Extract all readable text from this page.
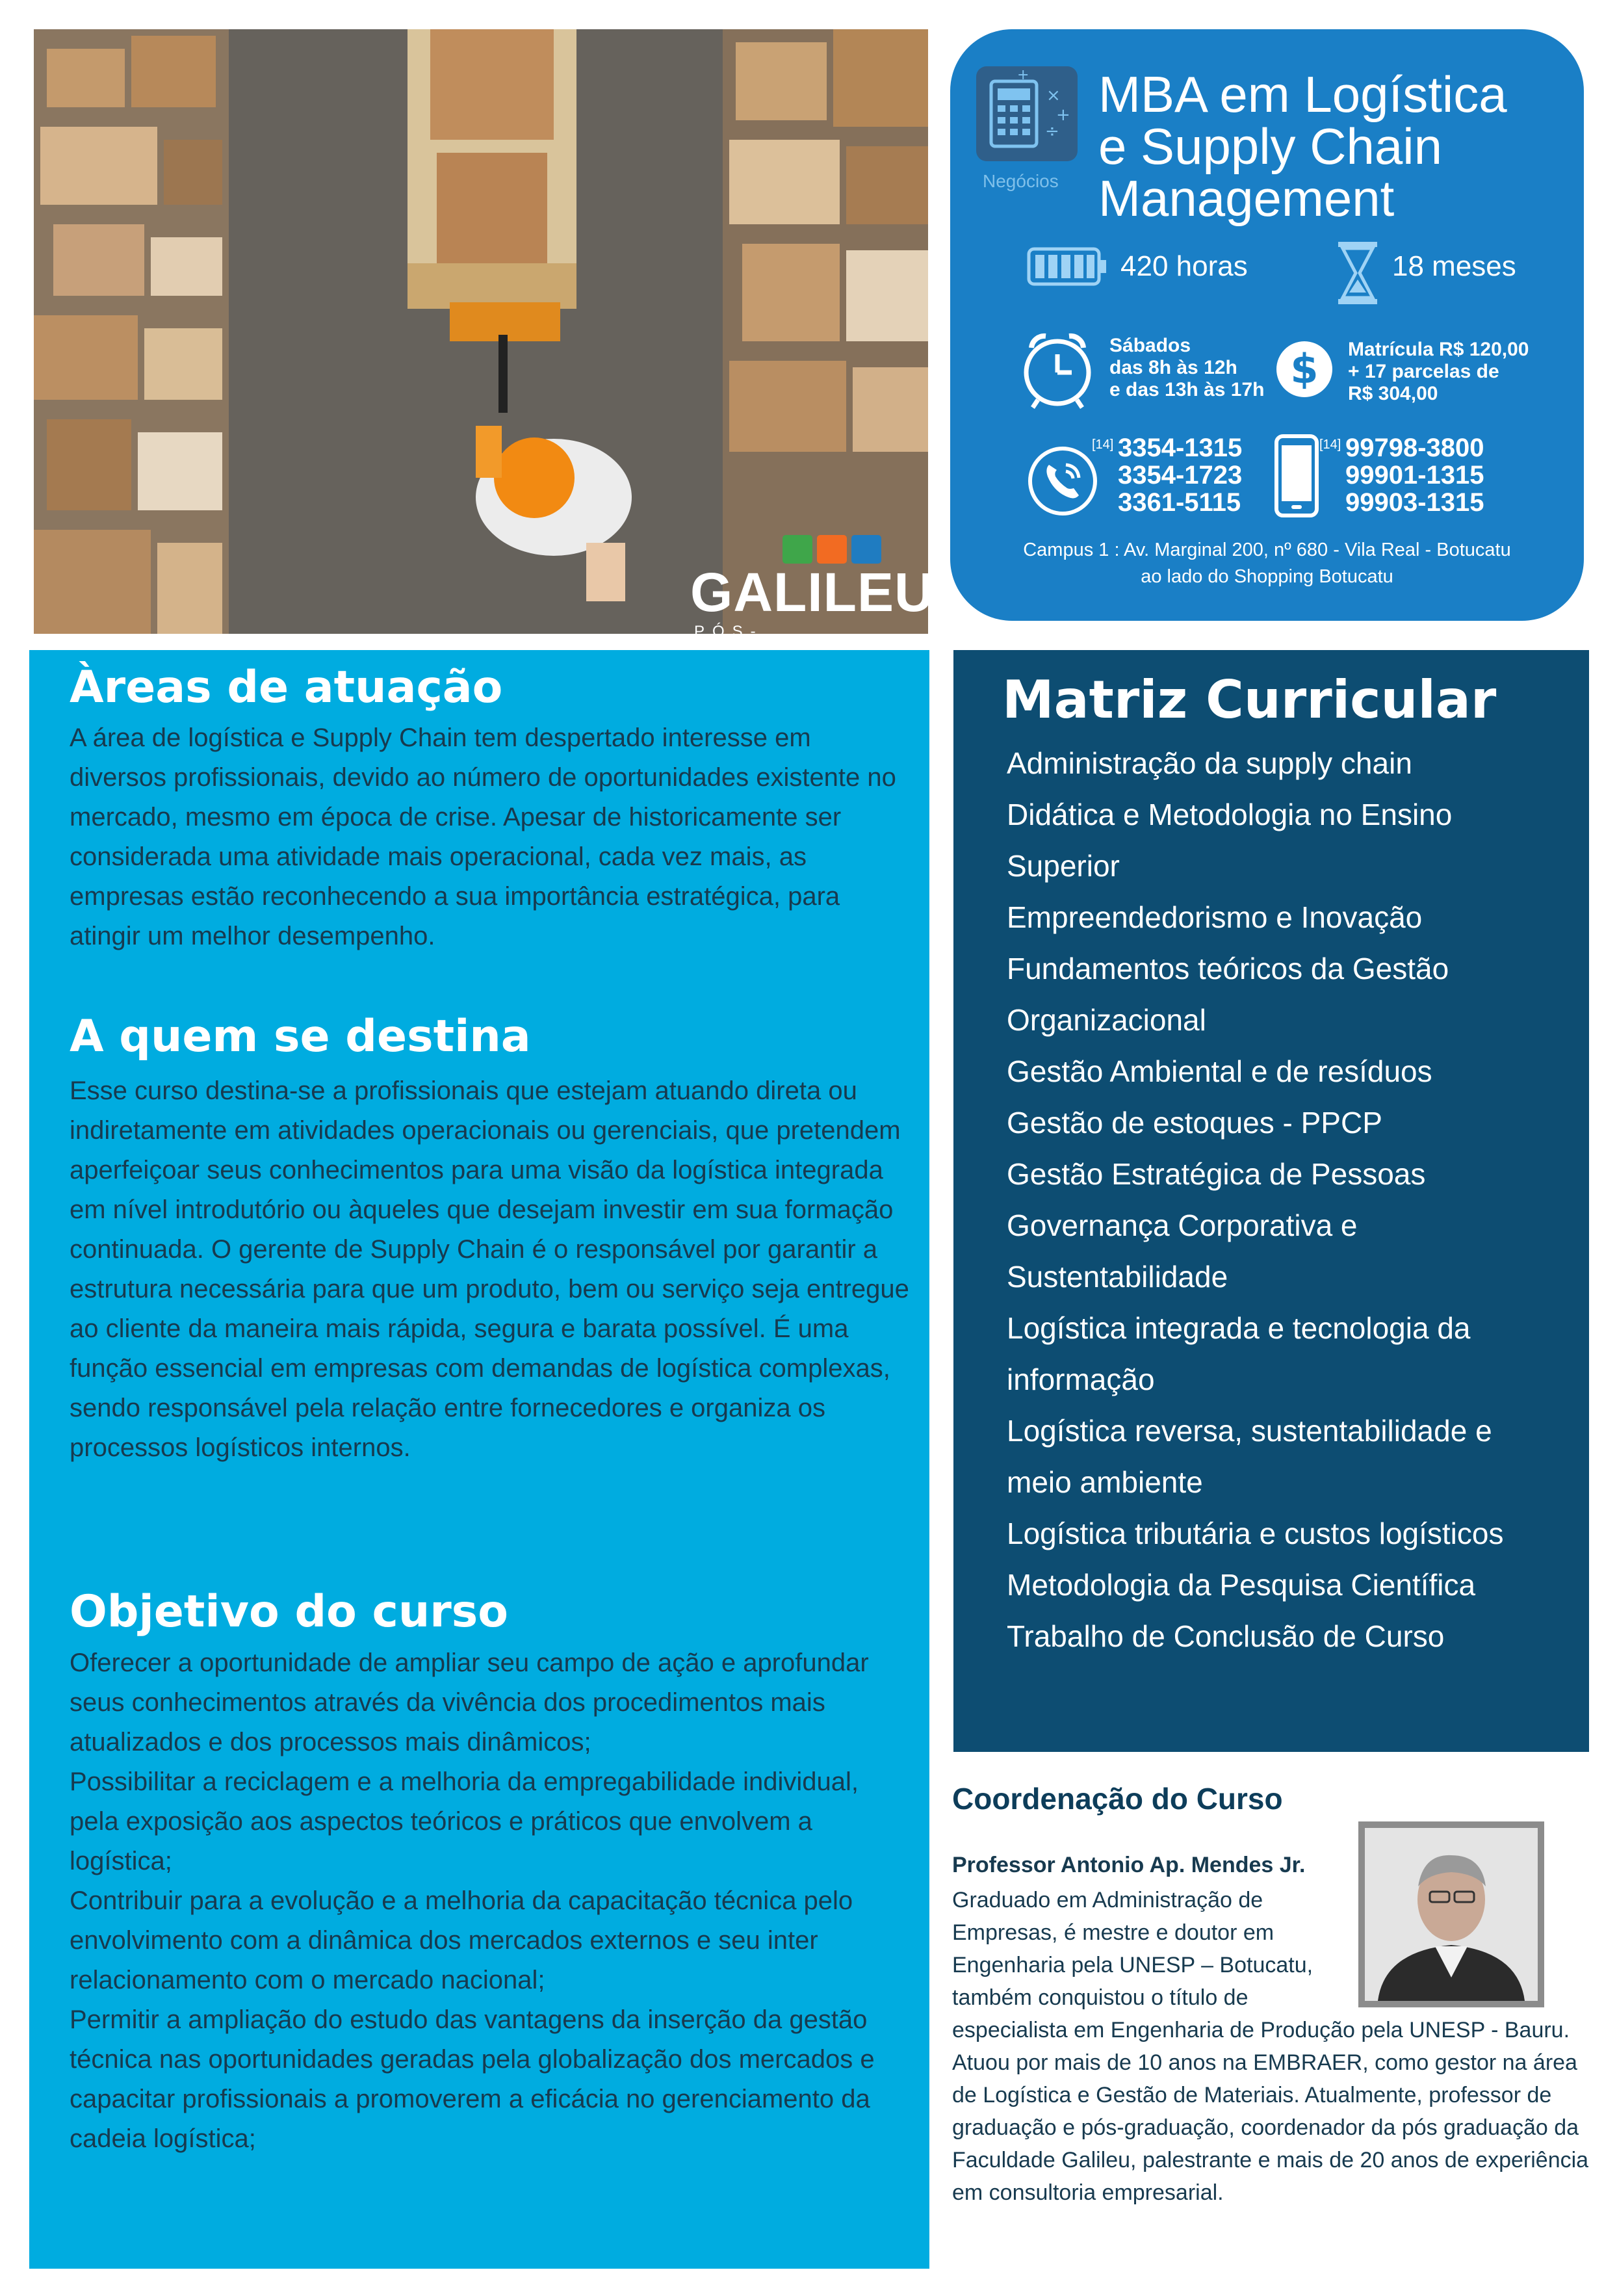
GALILEU
PÓS-
×
+
÷
+
Negócios
MBA em Logística
e Supply Chain
Management
420 horas	18 meses
Sábados
das 8h às 12h
e das 13h às 17h $ Matrícula R$ 120,00
+ 17 parcelas de
R$ 304,00
[14] 3354-1315
3354-1723
3361-5115
[14] 99798-3800
99901-1315
99903-1315
Campus 1 : Av. Marginal 200, nº 680 - Vila Real - Botucatu
ao lado do Shopping Botucatu
Àreas de atuação

A área de logística e Supply Chain tem despertado interesse em diversos profissionais, devido ao número de oportunidades existente no mercado, mesmo em época de crise. Apesar de historicamente ser considerada uma atividade mais operacional, cada vez mais, as empresas estão reconhecendo a sua importância estratégica, para atingir um melhor desempenho.

A quem se destina

Esse curso destina-se a profissionais que estejam atuando direta ou indiretamente em atividades operacionais ou gerenciais, que pretendem aperfeiçoar seus conhecimentos para uma visão da logística integrada em nível introdutório ou àqueles que desejam investir em sua formação continuada. O gerente de Supply Chain é o responsável por garantir a estrutura necessária para que um produto, bem ou serviço seja entregue ao cliente da maneira mais rápida, segura e barata possível. É uma função essencial em empresas com demandas de logística complexas, sendo responsável pela relação entre fornecedores e organiza os processos logísticos internos.

Objetivo do curso

Oferecer a oportunidade de ampliar seu campo de ação e aprofundar seus conhecimentos através da vivência dos procedimentos mais atualizados e dos processos mais dinâmicos;
Possibilitar a reciclagem e a melhoria da empregabilidade individual, pela exposição aos aspectos teóricos e práticos que envolvem a logística;
Contribuir para a evolução e a melhoria da capacitação técnica pelo envolvimento com a dinâmica dos mercados externos e seu inter relacionamento com o mercado nacional;
Permitir a ampliação do estudo das vantagens da inserção da gestão técnica nas oportunidades geradas pela globalização dos mercados e capacitar profissionais a promoverem a eficácia no gerenciamento da cadeia logística;

Matriz Curricular
Administração da supply chain
Didática e Metodologia no Ensino
Superior
Empreendedorismo e Inovação
Fundamentos teóricos da Gestão
Organizacional
Gestão Ambiental e de resíduos
Gestão de estoques - PPCP
Gestão Estratégica de Pessoas
Governança Corporativa e
Sustentabilidade
Logística integrada e tecnologia da
informação
Logística reversa, sustentabilidade e
meio ambiente
Logística tributária e custos logísticos
Metodologia da Pesquisa Científica
Trabalho de Conclusão de Curso
Coordenação do Curso
Professor Antonio Ap. Mendes Jr.

Graduado em Administração de Empresas, é mestre e doutor em Engenharia pela UNESP – Botucatu, também conquistou o título de

especialista em Engenharia de Produção pela UNESP - Bauru. Atuou por mais de 10 anos na EMBRAER, como gestor na área de Logística e Gestão de Materiais. Atualmente, professor de graduação e pós-graduação, coordenador da pós graduação da Faculdade Galileu, palestrante e mais de 20 anos de experiência em consultoria empresarial.
